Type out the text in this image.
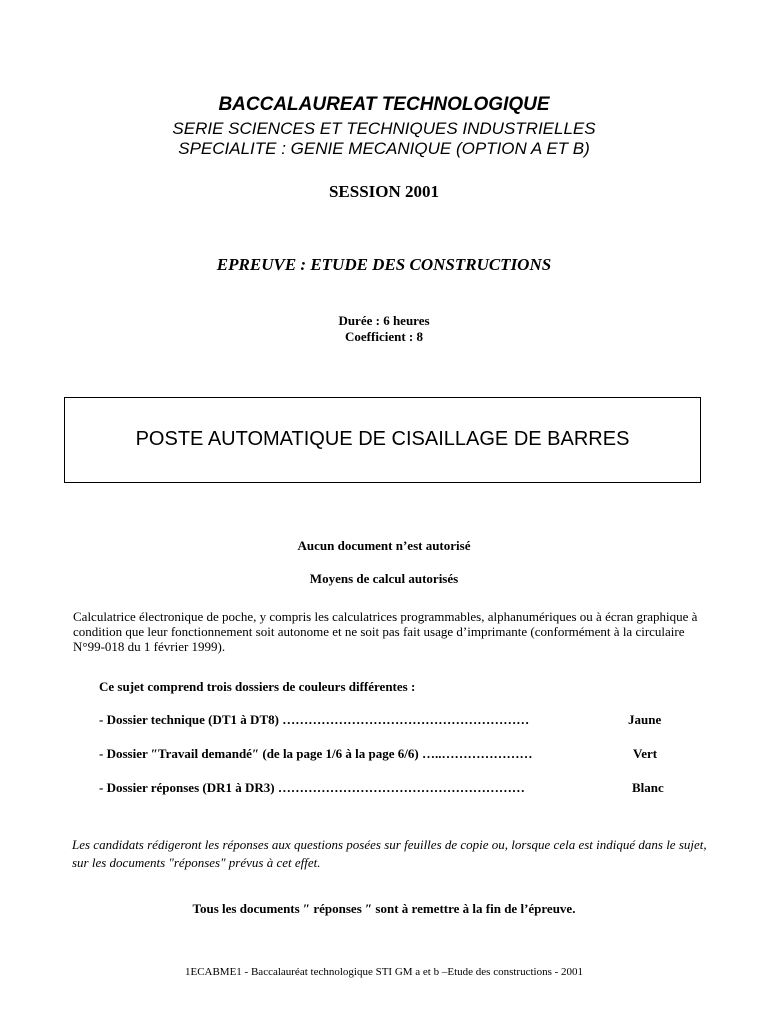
BACCALAUREAT TECHNOLOGIQUE
SERIE SCIENCES ET TECHNIQUES INDUSTRIELLES
SPECIALITE : GENIE MECANIQUE (OPTION A ET B)
SESSION 2001
EPREUVE : ETUDE DES CONSTRUCTIONS
Durée : 6 heures
Coefficient : 8
POSTE AUTOMATIQUE DE CISAILLAGE DE BARRES
Aucun document n’est autorisé
Moyens de calcul autorisés
Calculatrice électronique de poche, y compris les calculatrices programmables, alphanumériques ou à écran graphique à condition que leur fonctionnement soit autonome et ne soit pas fait usage d’imprimante (conformément à la circulaire N°99-018 du 1 février 1999).
Ce sujet comprend trois dossiers de couleurs différentes :
- Dossier technique (DT1 à DT8) …………………………………………………	Jaune
- Dossier ″Travail demandé″ (de la page 1/6 à la page 6/6) …..…………………	Vert
- Dossier réponses (DR1 à DR3) …………………………………………………	Blanc
Les candidats rédigeront les réponses aux questions posées sur feuilles de copie ou, lorsque cela est indiqué dans le sujet, sur les documents "réponses" prévus à cet effet.
Tous les documents ″ réponses ″ sont à remettre à la fin de l’épreuve.
1ECABME1 - Baccalauréat technologique STI GM a et b –Etude des constructions - 2001
